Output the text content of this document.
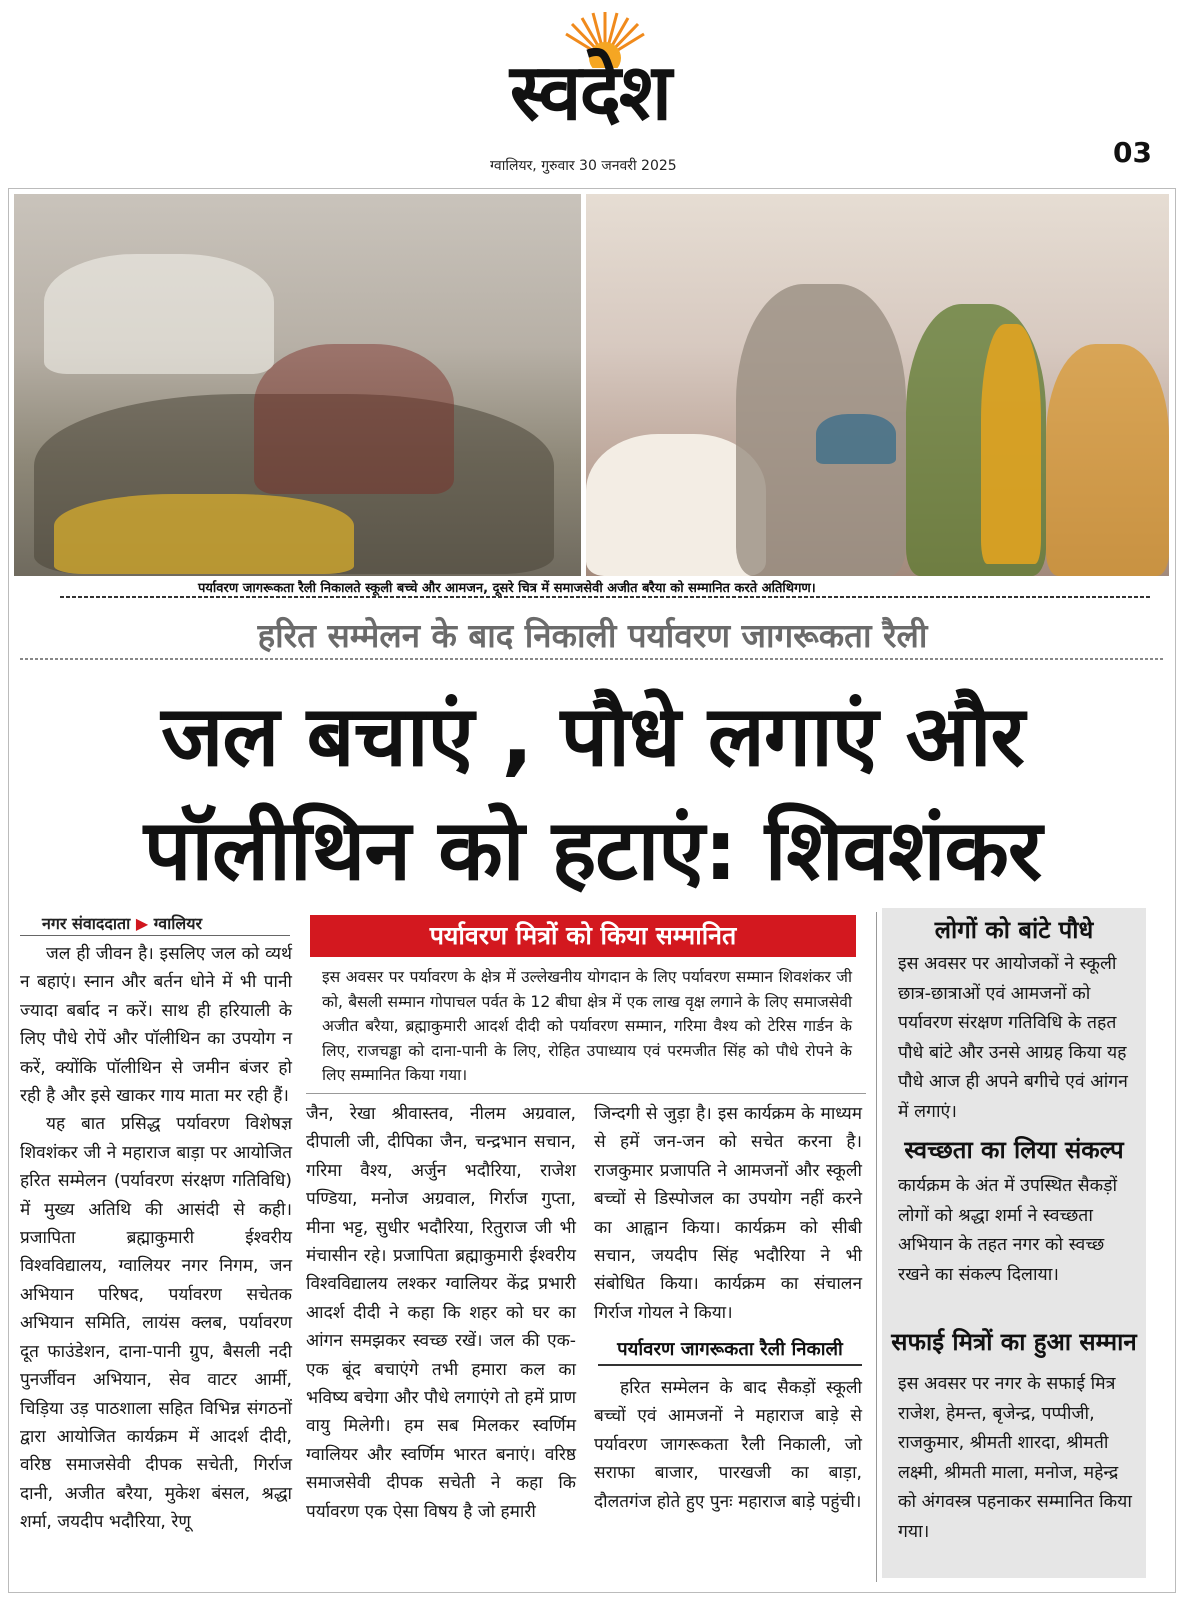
स्वदेश
ग्वालियर, गुरुवार 30 जनवरी 2025	03
पर्यावरण जागरूकता रैली निकालते स्कूली बच्चे और आमजन, दूसरे चित्र में समाजसेवी अजीत बरैया को सम्मानित करते अतिथिगण।
हरित सम्मेलन के बाद निकाली पर्यावरण जागरूकता रैली
जल बचाएं , पौधे लगाएं और
पॉलीथिन को हटाएं: शिवशंकर
नगर संवाददाता ▶ ग्वालियर

जल ही जीवन है। इसलिए जल को व्यर्थ न बहाएं। स्नान और बर्तन धोने में भी पानी ज्यादा बर्बाद न करें। साथ ही हरियाली के लिए पौधे रोपें और पॉलीथिन का उपयोग न करें, क्योंकि पॉलीथिन से जमीन बंजर हो रही है और इसे खाकर गाय माता मर रही हैं।

यह बात प्रसिद्ध पर्यावरण विशेषज्ञ शिवशंकर जी ने महाराज बाड़ा पर आयोजित हरित सम्मेलन (पर्यावरण संरक्षण गतिविधि) में मुख्य अतिथि की आसंदी से कही। प्रजापिता ब्रह्माकुमारी ईश्वरीय विश्वविद्यालय, ग्वालियर नगर निगम, जन अभियान परिषद, पर्यावरण सचेतक अभियान समिति, लायंस क्लब, पर्यावरण दूत फाउंडेशन, दाना-पानी ग्रुप, बैसली नदी पुनर्जीवन अभियान, सेव वाटर आर्मी, चिड़िया उड़ पाठशाला सहित विभिन्न संगठनों द्वारा आयोजित कार्यक्रम में आदर्श दीदी, वरिष्ठ समाजसेवी दीपक सचेती, गिर्राज दानी, अजीत बरैया, मुकेश बंसल, श्रद्धा शर्मा, जयदीप भदौरिया, रेणू

पर्यावरण मित्रों को किया सम्मानित
इस अवसर पर पर्यावरण के क्षेत्र में उल्लेखनीय योगदान के लिए पर्यावरण सम्मान शिवशंकर जी को, बैसली सम्मान गोपाचल पर्वत के 12 बीघा क्षेत्र में एक लाख वृक्ष लगाने के लिए समाजसेवी अजीत बरैया, ब्रह्माकुमारी आदर्श दीदी को पर्यावरण सम्मान, गरिमा वैश्य को टेरिस गार्डन के लिए, राजचड्ढा को दाना-पानी के लिए, रोहित उपाध्याय एवं परमजीत सिंह को पौधे रोपने के लिए सम्मानित किया गया।

जैन, रेखा श्रीवास्तव, नीलम अग्रवाल, दीपाली जी, दीपिका जैन, चन्द्रभान सचान, गरिमा वैश्य, अर्जुन भदौरिया, राजेश पण्डिया, मनोज अग्रवाल, गिर्राज गुप्ता, मीना भट्ट, सुधीर भदौरिया, रितुराज जी भी मंचासीन रहे। प्रजापिता ब्रह्माकुमारी ईश्वरीय विश्वविद्यालय लश्कर ग्वालियर केंद्र प्रभारी आदर्श दीदी ने कहा कि शहर को घर का आंगन समझकर स्वच्छ रखें। जल की एक-एक बूंद बचाएंगे तभी हमारा कल का भविष्य बचेगा और पौधे लगाएंगे तो हमें प्राण वायु मिलेगी। हम सब मिलकर स्वर्णिम ग्वालियर और स्वर्णिम भारत बनाएं। वरिष्ठ समाजसेवी दीपक सचेती ने कहा कि पर्यावरण एक ऐसा विषय है जो हमारी

जिन्दगी से जुड़ा है। इस कार्यक्रम के माध्यम से हमें जन-जन को सचेत करना है। राजकुमार प्रजापति ने आमजनों और स्कूली बच्चों से डिस्पोजल का उपयोग नहीं करने का आह्वान किया। कार्यक्रम को सीबी सचान, जयदीप सिंह भदौरिया ने भी संबोधित किया। कार्यक्रम का संचालन गिर्राज गोयल ने किया।

पर्यावरण जागरूकता रैली निकाली

हरित सम्मेलन के बाद सैकड़ों स्कूली बच्चों एवं आमजनों ने महाराज बाड़े से पर्यावरण जागरूकता रैली निकाली, जो सराफा बाजार, पारखजी का बाड़ा, दौलतगंज होते हुए पुनः महाराज बाड़े पहुंची।

लोगों को बांटे पौधे
इस अवसर पर आयोजकों ने स्कूली छात्र-छात्राओं एवं आमजनों को पर्यावरण संरक्षण गतिविधि के तहत पौधे बांटे और उनसे आग्रह किया यह पौधे आज ही अपने बगीचे एवं आंगन में लगाएं।
स्वच्छता का लिया संकल्प
कार्यक्रम के अंत में उपस्थित सैकड़ों लोगों को श्रद्धा शर्मा ने स्वच्छता अभियान के तहत नगर को स्वच्छ रखने का संकल्प दिलाया।
सफाई मित्रों का हुआ सम्मान
इस अवसर पर नगर के सफाई मित्र राजेश, हेमन्त, बृजेन्द्र, पप्पीजी, राजकुमार, श्रीमती शारदा, श्रीमती लक्ष्मी, श्रीमती माला, मनोज, महेन्द्र को अंगवस्त्र पहनाकर सम्मानित किया गया।
